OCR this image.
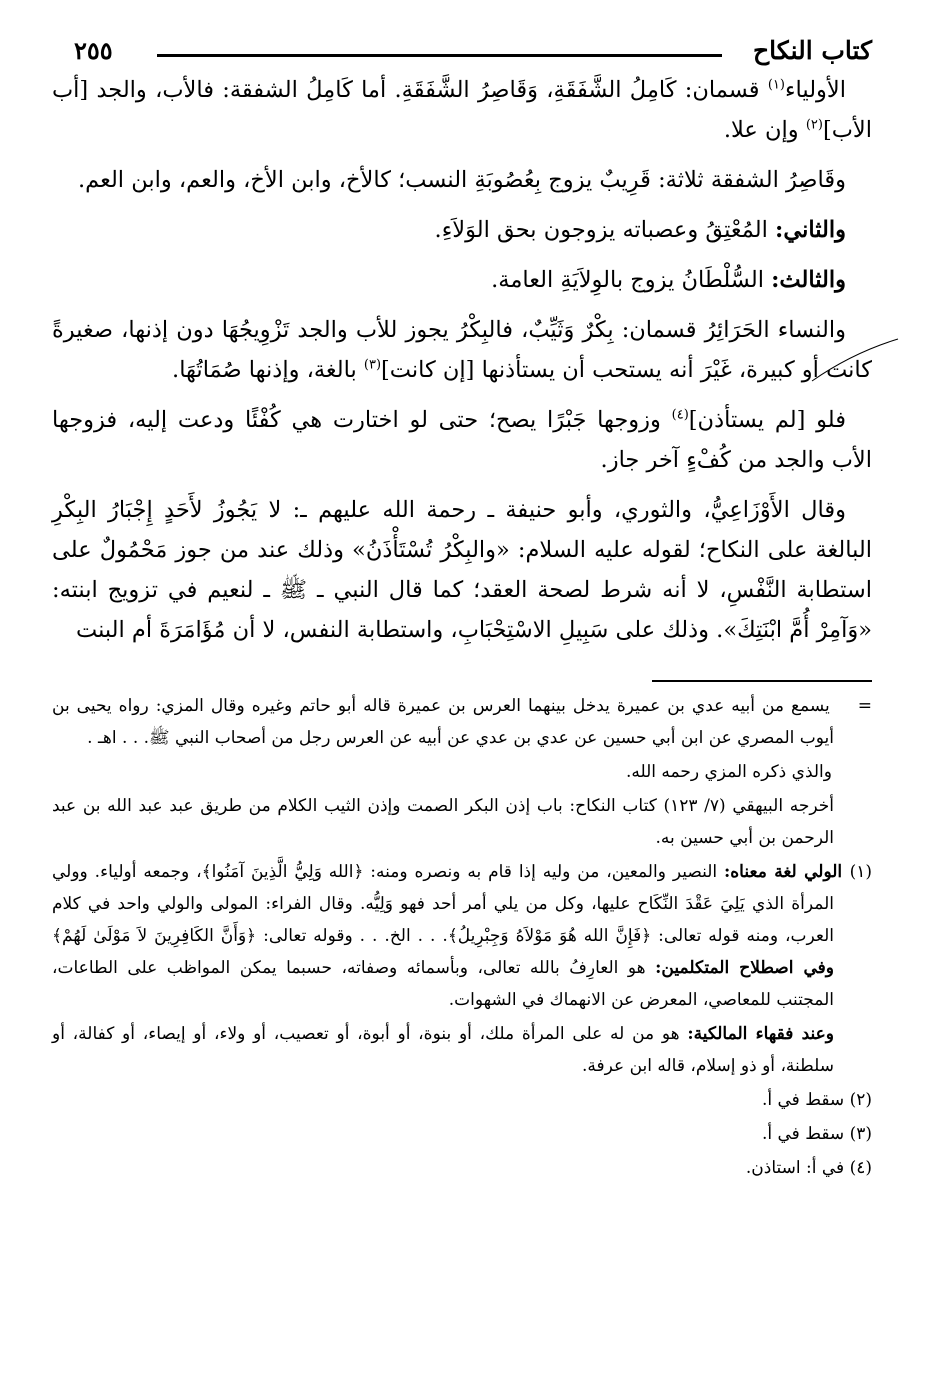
كتاب النكاح
٢٥٥

الأولياء$^{(١)}$ قسمان: كَامِلُ الشَّفَقَةِ، وَقَاصِرُ الشَّفَقَةِ. أما كَامِلُ الشفقة: فالأب، والجد [أب الأب]$^{(٢)}$ وإن علا.

وقَاصِرُ الشفقة ثلاثة: قَرِيبٌ يزوج بِعُصُوبَةِ النسب؛ كالأخ، وابن الأخ، والعم، وابن العم.

والثاني: المُعْتِقُ وعصباته يزوجون بحق الوَلاَءِ.

والثالث: السُّلْطَانُ يزوج بالوِلاَيَةِ العامة.

والنساء الحَرَائِرُ قسمان: بِكْرٌ وَثَيِّبٌ، فالبِكْرُ يجوز للأب والجد تَزْوِيجُهَا دون إذنها، صغيرةً كانت أو كبيرة، غَيْرَ أنه يستحب أن يستأذنها [إن كانت]$^{(٣)}$ بالغة، وإذنها صُمَاتُهَا.

فلو [لم يستأذن]$^{(٤)}$ وزوجها جَبْرًا يصح؛ حتى لو اختارت هي كُفْئًا ودعت إليه، فزوجها الأب والجد من كُفْءٍ آخر جاز.

وقال الأَوْزَاعِيُّ، والثوري، وأبو حنيفة ـ رحمة الله عليهم ـ: لا يَجُوزُ لأَحَدٍ إِجْبَارُ البِكْرِ البالغة على النكاح؛ لقوله عليه السلام: «والبِكْرُ تُسْتَأْذَنُ» وذلك عند من جوز مَحْمُولٌ على استطابة النَّفْسِ، لا أنه شرط لصحة العقد؛ كما قال النبي ـ ﷺ ـ لنعيم في تزويج ابنته: «وَآمِرْ أُمَّ ابْنَتِكَ». وذلك على سَبِيلِ الاسْتِحْبَابِ، واستطابة النفس، لا أن مُؤَامَرَةَ أم البنت

=    يسمع من أبيه عدي بن عميرة يدخل بينهما العرس بن عميرة قاله أبو حاتم وغيره وقال المزي: رواه يحيى بن أيوب المصري عن ابن أبي حسين عن عدي بن عدي عن أبيه عن العرس رجل من أصحاب النبي ﷺ. . . اهـ .

والذي ذكره المزي رحمه الله.

أخرجه البيهقي (٧/ ١٢٣) كتاب النكاح: باب إذن البكر الصمت وإذن الثيب الكلام من طريق عبد عبد الله بن عبد الرحمن بن أبي حسين به.

(١) الولي لغة معناه: النصير والمعين، من وليه إذا قام به ونصره ومنه: ﴿الله وَلِيُّ الَّذِينَ آمَنُوا﴾، وجمعه أولياء. وولي المرأة الذي يَلِيَ عَقْدَ النِّكَاح عليها، وكل من يلي أمر أحد فهو وَلِيُّه. وقال الفراء: المولى والولي واحد في كلام العرب، ومنه قوله تعالى: ﴿فَإِنَّ الله هُوَ مَوْلاَهُ وَجِبْرِيلُ﴾. . . الخ. . . وقوله تعالى: ﴿وَأَنَّ الكَافِرِينَ لاَ مَوْلَىٰ لَهُمْ﴾ وفي اصطلاح المتكلمين: هو العارِفُ بالله تعالى، وبأسمائه وصفاته، حسبما يمكن المواظب على الطاعات، المجتنب للمعاصي، المعرض عن الانهماك في الشهوات.

وعند فقهاء المالكية: هو من له على المرأة ملك، أو بنوة، أو أبوة، أو تعصيب، أو ولاء، أو إيصاء، أو كفالة، أو سلطنة، أو ذو إسلام، قاله ابن عرفة.

(٢) سقط في أ.

(٣) سقط في أ.

(٤) في أ: استاذن.
